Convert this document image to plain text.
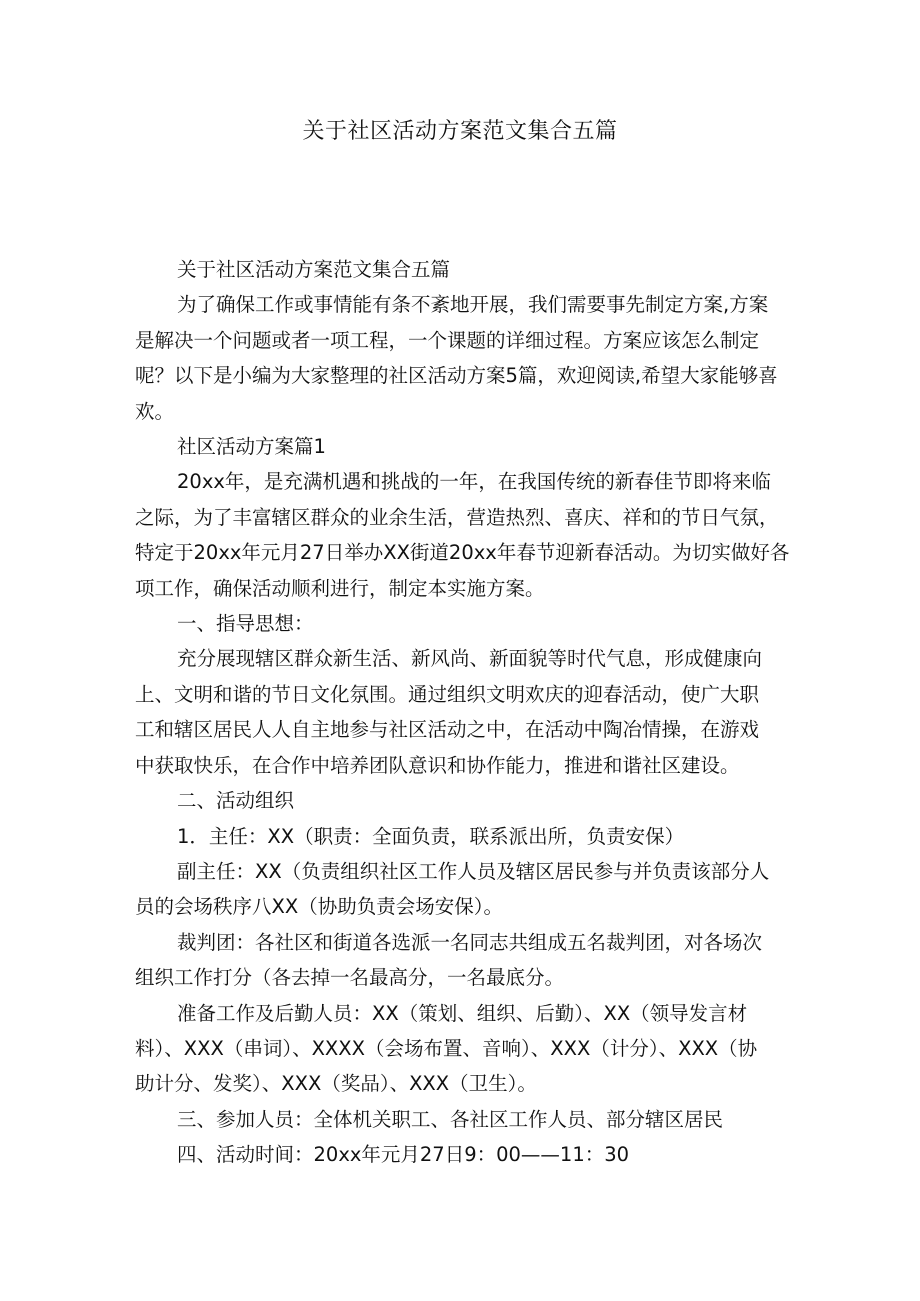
关于社区活动方案范文集合五篇
关于社区活动方案范文集合五篇
为了确保工作或事情能有条不紊地开展，我们需要事先制定方案,方案
是解决一个问题或者一项工程，一个课题的详细过程。方案应该怎么制定
呢？以下是小编为大家整理的社区活动方案5篇，欢迎阅读,希望大家能够喜
欢。
社区活动方案篇1
20xx年，是充满机遇和挑战的一年，在我国传统的新春佳节即将来临
之际，为了丰富辖区群众的业余生活，营造热烈、喜庆、祥和的节日气氛，
特定于20xx年元月27日举办XX街道20xx年春节迎新春活动。为切实做好各
项工作，确保活动顺利进行，制定本实施方案。
一、指导思想：
充分展现辖区群众新生活、新风尚、新面貌等时代气息，形成健康向
上、文明和谐的节日文化氛围。通过组织文明欢庆的迎春活动，使广大职
工和辖区居民人人自主地参与社区活动之中，在活动中陶冶情操，在游戏
中获取快乐，在合作中培养团队意识和协作能力，推进和谐社区建设。
二、活动组织
1．主任：XX（职责：全面负责，联系派出所，负责安保）
副主任：XX（负责组织社区工作人员及辖区居民参与并负责该部分人
员的会场秩序八XX（协助负责会场安保）。
裁判团：各社区和街道各选派一名同志共组成五名裁判团，对各场次
组织工作打分（各去掉一名最高分，一名最底分。
准备工作及后勤人员：XX（策划、组织、后勤）、XX（领导发言材
料）、XXX（串词）、XXXX（会场布置、音响）、XXX（计分）、XXX（协
助计分、发奖）、XXX（奖品）、XXX（卫生）。
三、参加人员：全体机关职工、各社区工作人员、部分辖区居民
四、活动时间：20xx年元月27日9：00——11：30
